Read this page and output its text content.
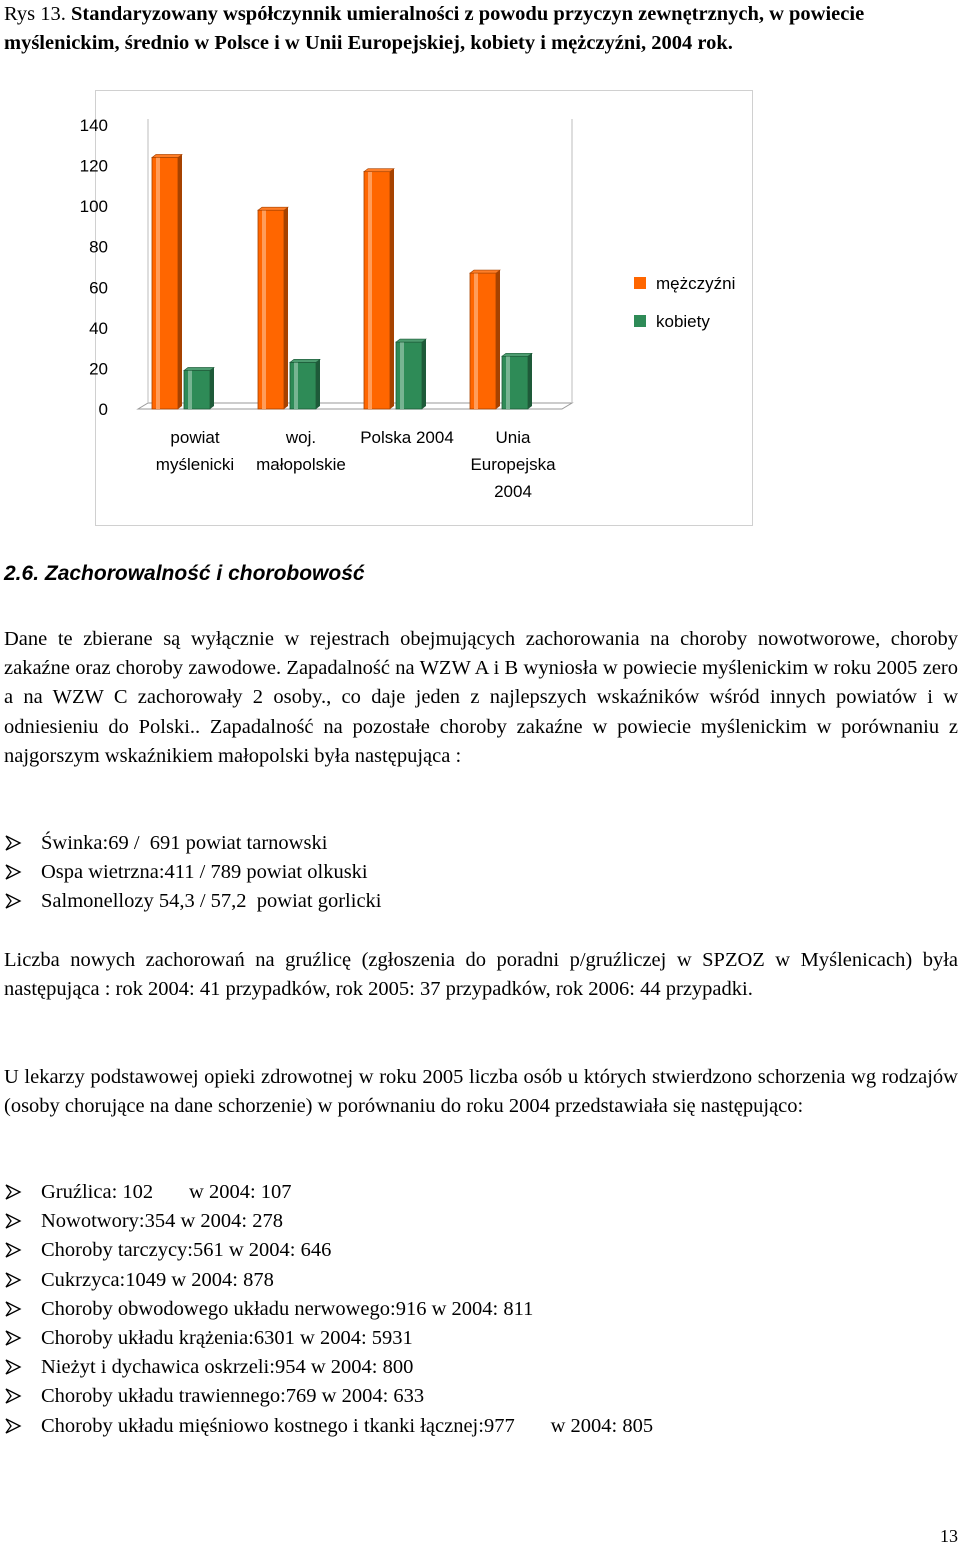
Rys 13. Standaryzowany współczynnik umieralności z powodu przyczyn zewnętrznych, w powiecie myślenickim, średnio w Polsce i w Unii Europejskiej, kobiety i mężczyźni, 2004 rok.
0
20
40
60
80
100
120
140
powiat
myślenicki
woj.
małopolskie
Polska 2004 Unia
Europejska
2004
mężczyźni
kobiety
2.6. Zachorowalność i chorobowość
Dane te zbierane są wyłącznie w rejestrach obejmujących zachorowania na choroby nowotworowe, choroby zakaźne oraz choroby zawodowe. Zapadalność na WZW A i B wyniosła w powiecie myślenickim w roku 2005 zero a na WZW C zachorowały 2 osoby., co daje jeden z najlepszych wskaźników wśród innych powiatów i w odniesieniu do Polski.. Zapadalność na pozostałe choroby zakaźne w powiecie myślenickim w porównaniu z najgorszym wskaźnikiem małopolski była następująca :
Świnka:69 /  691 powiat tarnowski
Ospa wietrzna:411 / 789 powiat olkuski
Salmonellozy 54,3 / 57,2  powiat gorlicki
Liczba nowych zachorowań na gruźlicę (zgłoszenia do poradni p/gruźliczej w SPZOZ w Myślenicach) była następująca : rok 2004: 41 przypadków, rok 2005: 37 przypadków, rok 2006: 44 przypadki.
U lekarzy podstawowej opieki zdrowotnej w roku 2005 liczba osób u których stwierdzono schorzenia wg rodzajów (osoby chorujące na dane schorzenie) w porównaniu do roku 2004 przedstawiała się następująco:
Gruźlica: 102       w 2004: 107
Nowotwory:354 w 2004: 278
Choroby tarczycy:561 w 2004: 646
Cukrzyca:1049 w 2004: 878
Choroby obwodowego układu nerwowego:916 w 2004: 811
Choroby układu krążenia:6301 w 2004: 5931
Nieżyt i dychawica oskrzeli:954 w 2004: 800
Choroby układu trawiennego:769 w 2004: 633
Choroby układu mięśniowo kostnego i tkanki łącznej:977       w 2004: 805
13
